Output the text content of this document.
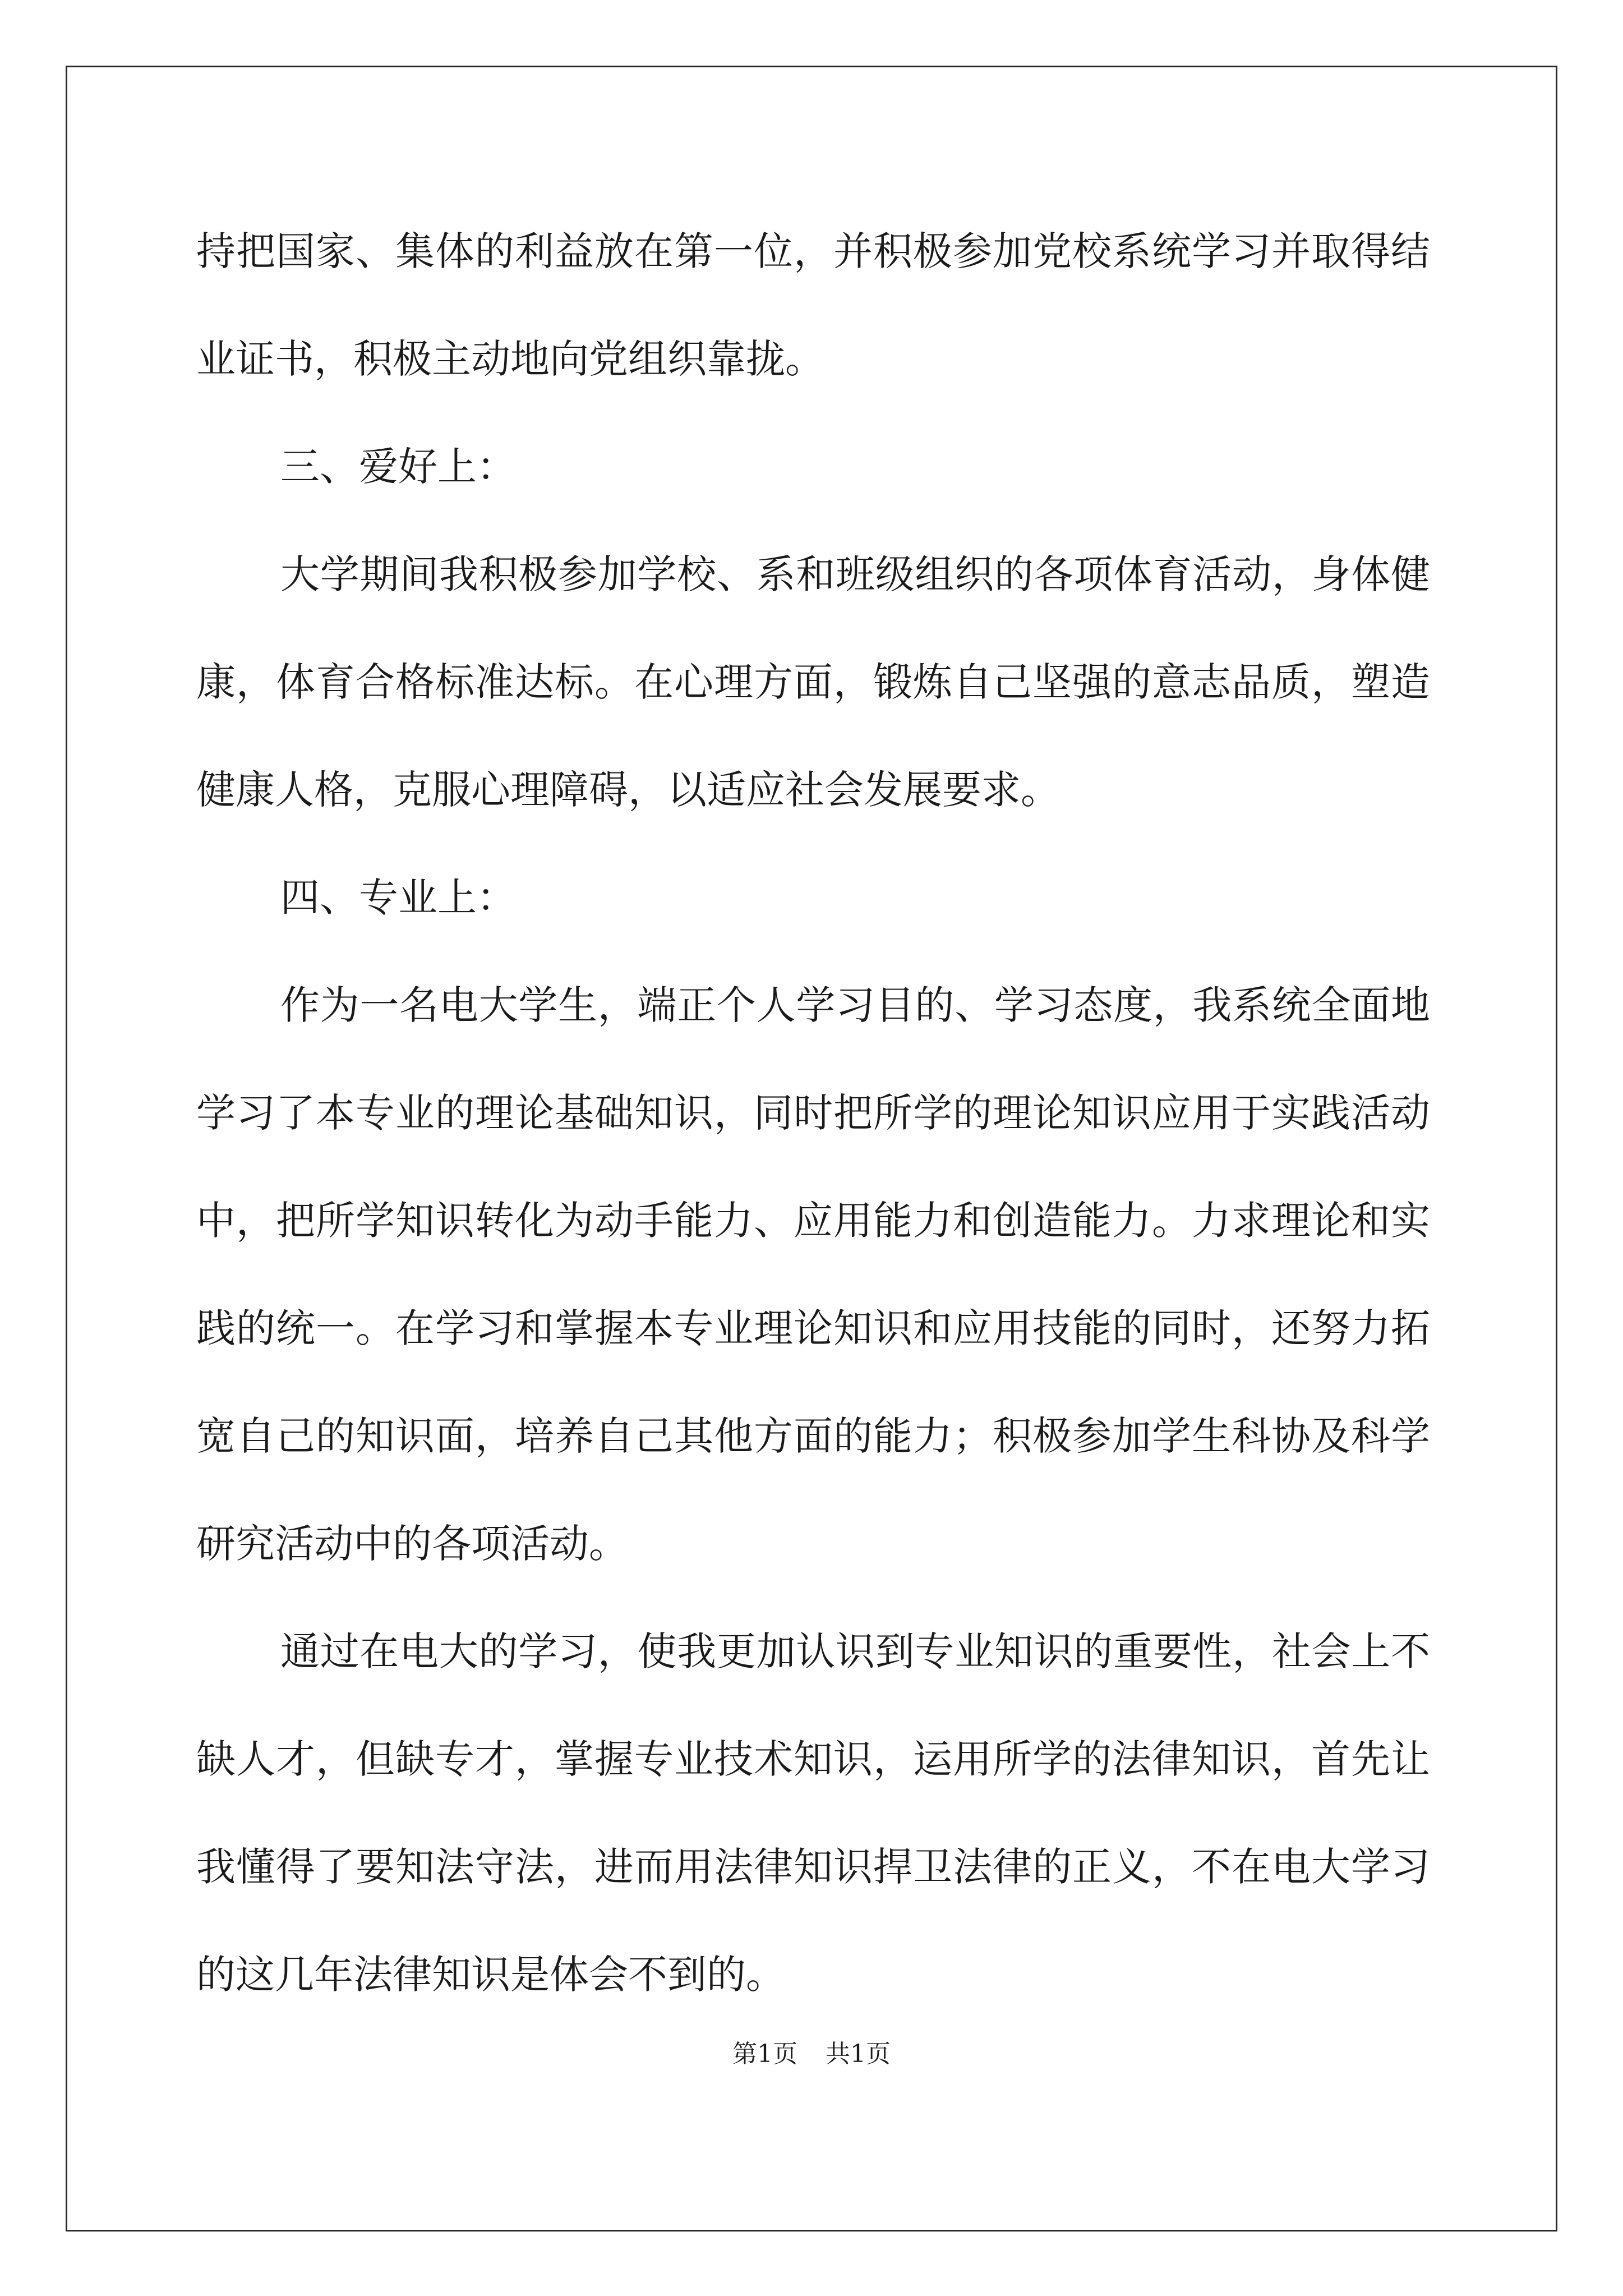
持把国家、集体的利益放在第一位，并积极参加党校系统学习并取得结业证书，积极主动地向党组织靠拢。

三、爱好上：

大学期间我积极参加学校、系和班级组织的各项体育活动，身体健康，体育合格标准达标。在心理方面，锻炼自己坚强的意志品质，塑造健康人格，克服心理障碍，以适应社会发展要求。

四、专业上：

作为一名电大学生，端正个人学习目的、学习态度，我系统全面地学习了本专业的理论基础知识，同时把所学的理论知识应用于实践活动中，把所学知识转化为动手能力、应用能力和创造能力。力求理论和实践的统一。在学习和掌握本专业理论知识和应用技能的同时，还努力拓宽自己的知识面，培养自己其他方面的能力；积极参加学生科协及科学研究活动中的各项活动。

通过在电大的学习，使我更加认识到专业知识的重要性，社会上不缺人才，但缺专才，掌握专业技术知识，运用所学的法律知识，首先让我懂得了要知法守法，进而用法律知识捍卫法律的正义，不在电大学习的这几年法律知识是体会不到的。

第1页 共1页
